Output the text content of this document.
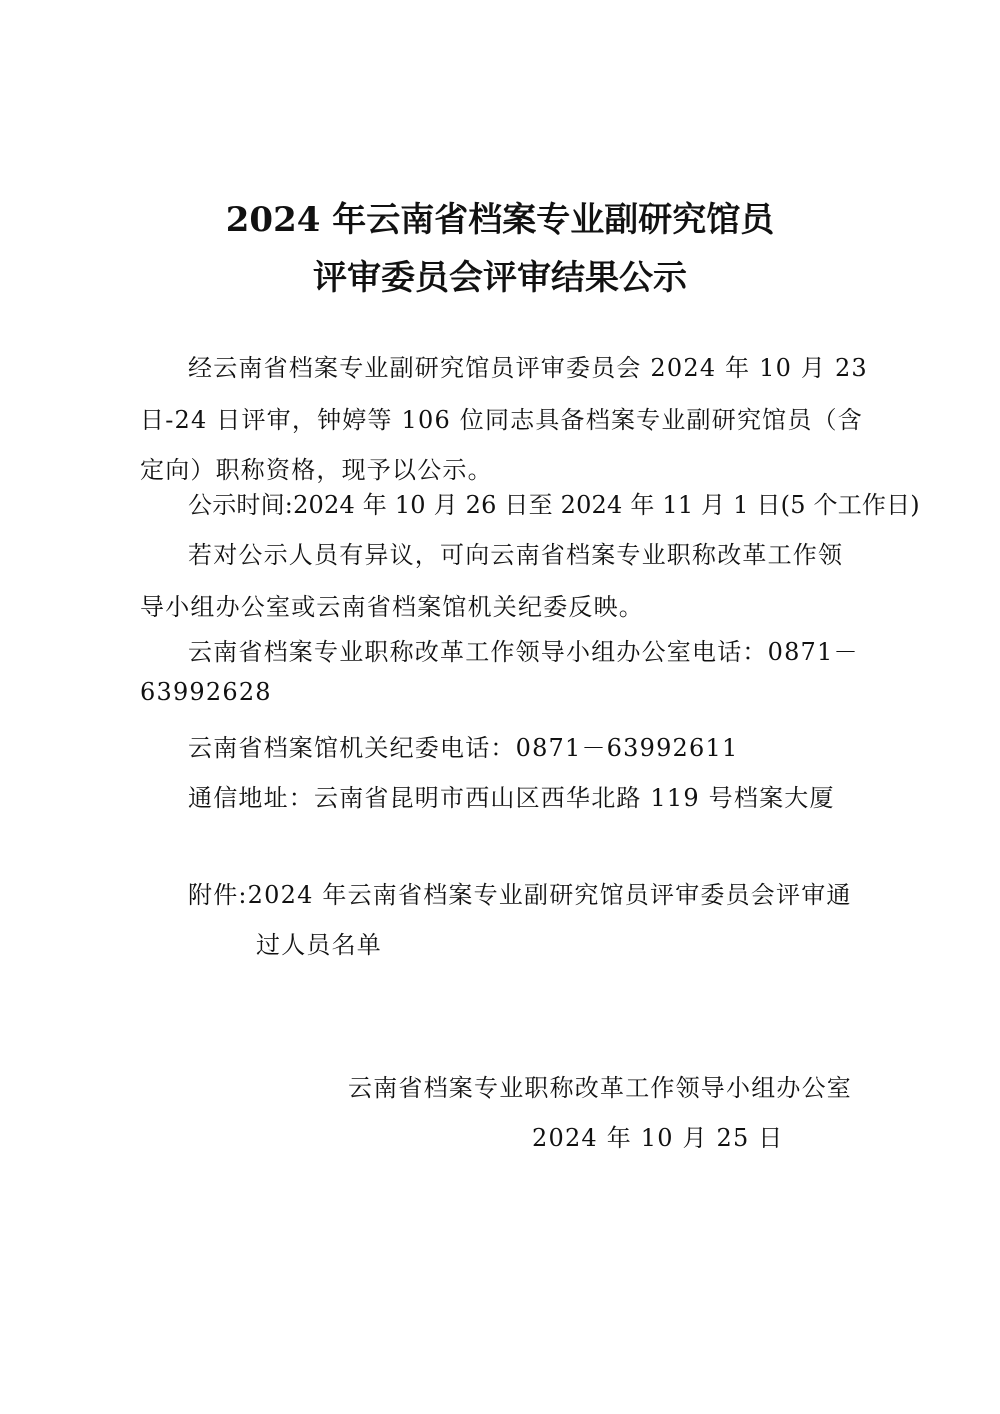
2024 年云南省档案专业副研究馆员
评审委员会评审结果公示
经云南省档案专业副研究馆员评审委员会 2024 年 10 月 23
日-24 日评审，钟婷等 106 位同志具备档案专业副研究馆员（含
定向）职称资格，现予以公示。
公示时间:2024 年 10 月 26 日至 2024 年 11 月 1 日(5 个工作日)
若对公示人员有异议，可向云南省档案专业职称改革工作领
导小组办公室或云南省档案馆机关纪委反映。
云南省档案专业职称改革工作领导小组办公室电话：0871－
63992628
云南省档案馆机关纪委电话：0871－63992611
通信地址：云南省昆明市西山区西华北路 119 号档案大厦
附件:2024 年云南省档案专业副研究馆员评审委员会评审通
过人员名单
云南省档案专业职称改革工作领导小组办公室
2024 年 10 月 25 日
